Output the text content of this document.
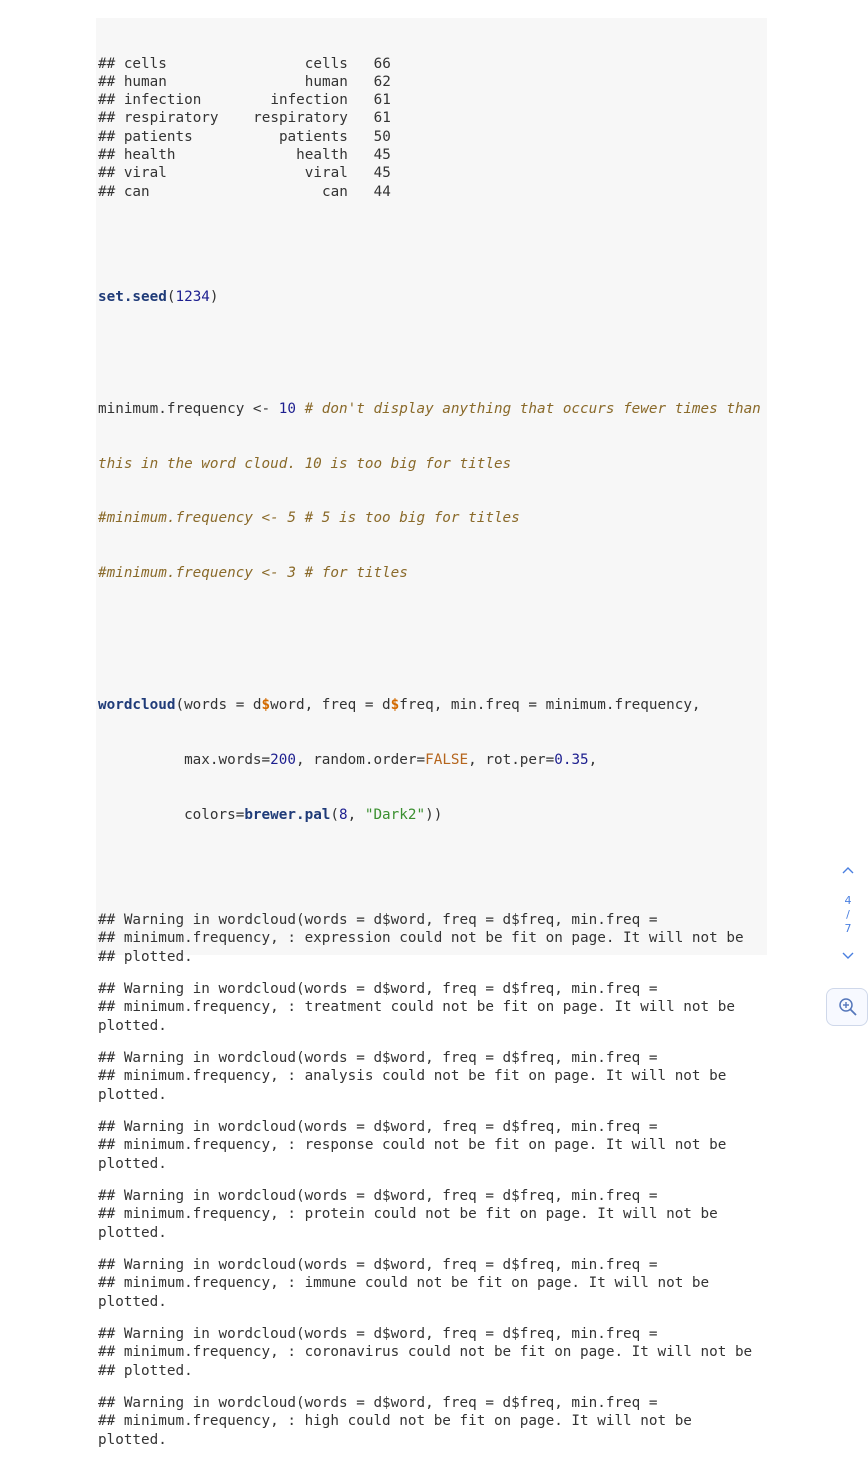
## cells	cells 66
## human	human 62
## infection	infection 61
## respiratory respiratory 61
## patients	patients 50
## health	health 45
## viral	viral 45
## can	can 44

set.seed(1234)

minimum.frequency <- 10 # don't display anything that occurs fewer times than

this in the word cloud. 10 is too big for titles

#minimum.frequency <- 5 # 5 is too big for titles

#minimum.frequency <- 3 # for titles

wordcloud(words = d$word, freq = d$freq, min.freq = minimum.frequency,

max.words=200, random.order=FALSE, rot.per=0.35,

colors=brewer.pal(8, "Dark2"))

## Warning in wordcloud(words = d$word, freq = d$freq, min.freq =
## minimum.frequency, : expression could not be fit on page. It will not be
## plotted.
## Warning in wordcloud(words = d$word, freq = d$freq, min.freq =
## minimum.frequency, : treatment could not be fit on page. It will not be
plotted.
## Warning in wordcloud(words = d$word, freq = d$freq, min.freq =
## minimum.frequency, : analysis could not be fit on page. It will not be
plotted.
## Warning in wordcloud(words = d$word, freq = d$freq, min.freq =
## minimum.frequency, : response could not be fit on page. It will not be
plotted.
## Warning in wordcloud(words = d$word, freq = d$freq, min.freq =
## minimum.frequency, : protein could not be fit on page. It will not be
plotted.
## Warning in wordcloud(words = d$word, freq = d$freq, min.freq =
## minimum.frequency, : immune could not be fit on page. It will not be
plotted.
## Warning in wordcloud(words = d$word, freq = d$freq, min.freq =
## minimum.frequency, : coronavirus could not be fit on page. It will not be
## plotted.
## Warning in wordcloud(words = d$word, freq = d$freq, min.freq =
## minimum.frequency, : high could not be fit on page. It will not be
plotted.

4
/
7
